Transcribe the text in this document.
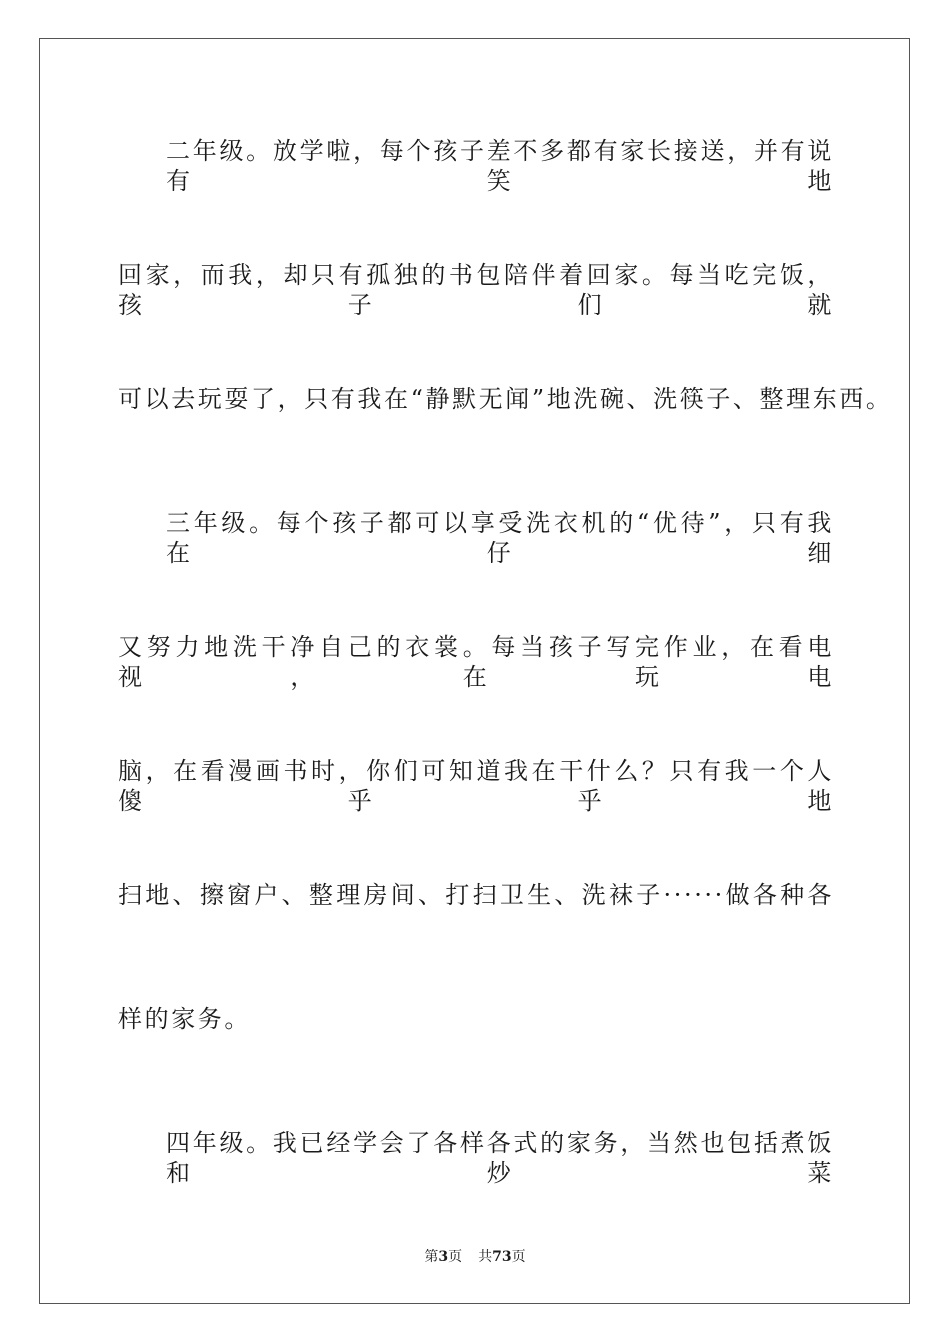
二年级。放学啦，每个孩子差不多都有家长接送，并有说有笑地
回家，而我，却只有孤独的书包陪伴着回家。每当吃完饭，孩子们就
可以去玩耍了，只有我在“静默无闻”地洗碗、洗筷子、整理东西。
三年级。每个孩子都可以享受洗衣机的“优待”，只有我在仔细
又努力地洗干净自己的衣裳。每当孩子写完作业，在看电视，在玩电
脑，在看漫画书时，你们可知道我在干什么？只有我一个人傻乎乎地
扫地、擦窗户、整理房间、打扫卫生、洗袜子······做各种各
样的家务。
四年级。我已经学会了各样各式的家务，当然也包括煮饭和炒菜
第3页 共73页
